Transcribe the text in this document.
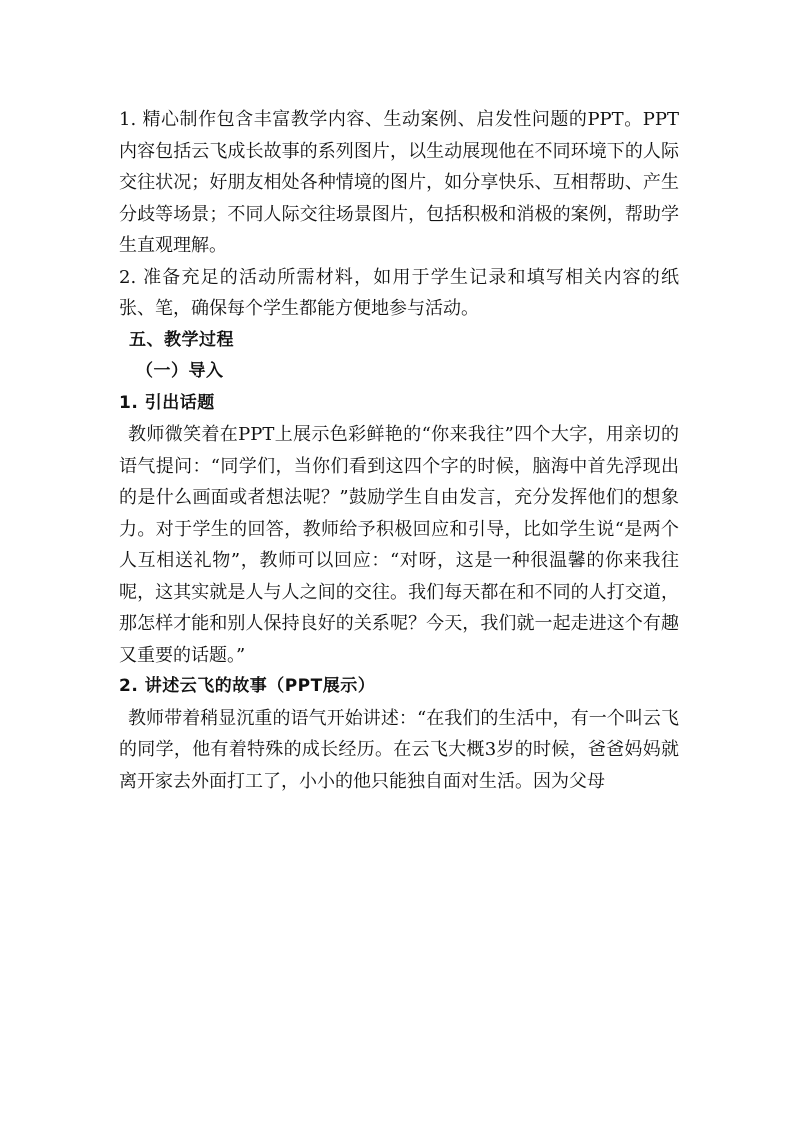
1. 精心制作包含丰富教学内容、生动案例、启发性问题的PPT。PPT内容包括云飞成长故事的系列图片，以生动展现他在不同环境下的人际交往状况；好朋友相处各种情境的图片，如分享快乐、互相帮助、产生分歧等场景；不同人际交往场景图片，包括积极和消极的案例，帮助学生直观理解。

2. 准备充足的活动所需材料，如用于学生记录和填写相关内容的纸张、笔，确保每个学生都能方便地参与活动。

五、教学过程
（一）导入
1. 引出话题

教师微笑着在PPT上展示色彩鲜艳的“你来我往”四个大字，用亲切的语气提问：“同学们，当你们看到这四个字的时候，脑海中首先浮现出的是什么画面或者想法呢？”鼓励学生自由发言，充分发挥他们的想象力。对于学生的回答，教师给予积极回应和引导，比如学生说“是两个人互相送礼物”，教师可以回应：“对呀，这是一种很温馨的你来我往呢，这其实就是人与人之间的交往。我们每天都在和不同的人打交道，那怎样才能和别人保持良好的关系呢？今天，我们就一起走进这个有趣又重要的话题。”

2. 讲述云飞的故事（PPT展示）

教师带着稍显沉重的语气开始讲述：“在我们的生活中，有一个叫云飞的同学，他有着特殊的成长经历。在云飞大概3岁的时候，爸爸妈妈就离开家去外面打工了，小小的他只能独自面对生活。因为父母
